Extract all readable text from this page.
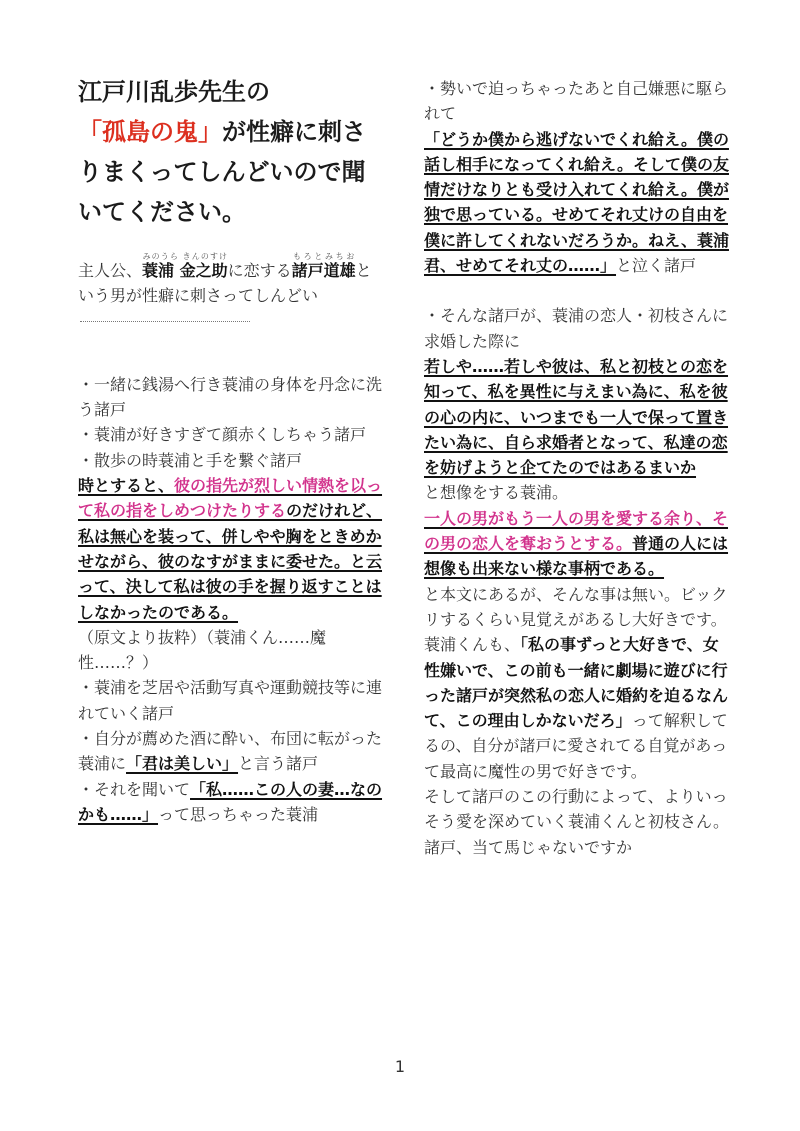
江戸川乱歩先生の
「孤島の鬼」が性癖に刺さりまくってしんどいので聞いてください。

主人公、蓑浦 金之助みのうら きんのすけに恋する諸戸もろと道雄みちおという男が性癖に刺さってしんどい

・一緒に銭湯へ行き蓑浦の身体を丹念に洗う諸戸

・蓑浦が好きすぎて顔赤くしちゃう諸戸

・散歩の時蓑浦と手を繋ぐ諸戸

時とすると、彼の指先が烈しい情熱を以って私の指をしめつけたりするのだけれど、私は無心を装って、併しやや胸をときめかせながら、彼のなすがままに委せた。と云って、決して私は彼の手を握り返すことはしなかったのである。

（原文より抜粋）（蓑浦くん……魔性……？）

・蓑浦を芝居や活動写真や運動競技等に連れていく諸戸

・自分が薦めた酒に酔い、布団に転がった蓑浦に「君は美しい」と言う諸戸

・それを聞いて「私……この人の妻…なのかも……」って思っちゃった蓑浦

・勢いで迫っちゃったあと自己嫌悪に駆られて

「どうか僕から逃げないでくれ給え。僕の話し相手になってくれ給え。そして僕の友情だけなりとも受け入れてくれ給え。僕が独で思っている。せめてそれ丈けの自由を僕に許してくれないだろうか。ねえ、蓑浦君、せめてそれ丈の……」と泣く諸戸

・そんな諸戸が、蓑浦の恋人・初枝さんに求婚した際に

若しや……若しや彼は、私と初枝との恋を知って、私を異性に与えまい為に、私を彼の心の内に、いつまでも一人で保って置きたい為に、自ら求婚者となって、私達の恋を妨げようと企てたのではあるまいか

と想像をする蓑浦。

一人の男がもう一人の男を愛する余り、その男の恋人を奪おうとする。普通の人には想像も出来ない様な事柄である。

と本文にあるが、そんな事は無い。ビックリするくらい見覚えがあるし大好きです。蓑浦くんも、「私の事ずっと大好きで、女性嫌いで、この前も一緒に劇場に遊びに行った諸戸が突然私の恋人に婚約を迫るなんて、この理由しかないだろ」って解釈してるの、自分が諸戸に愛されてる自覚があって最高に魔性の男で好きです。

そして諸戸のこの行動によって、よりいっそう愛を深めていく蓑浦くんと初枝さん。諸戸、当て馬じゃないですか

1
